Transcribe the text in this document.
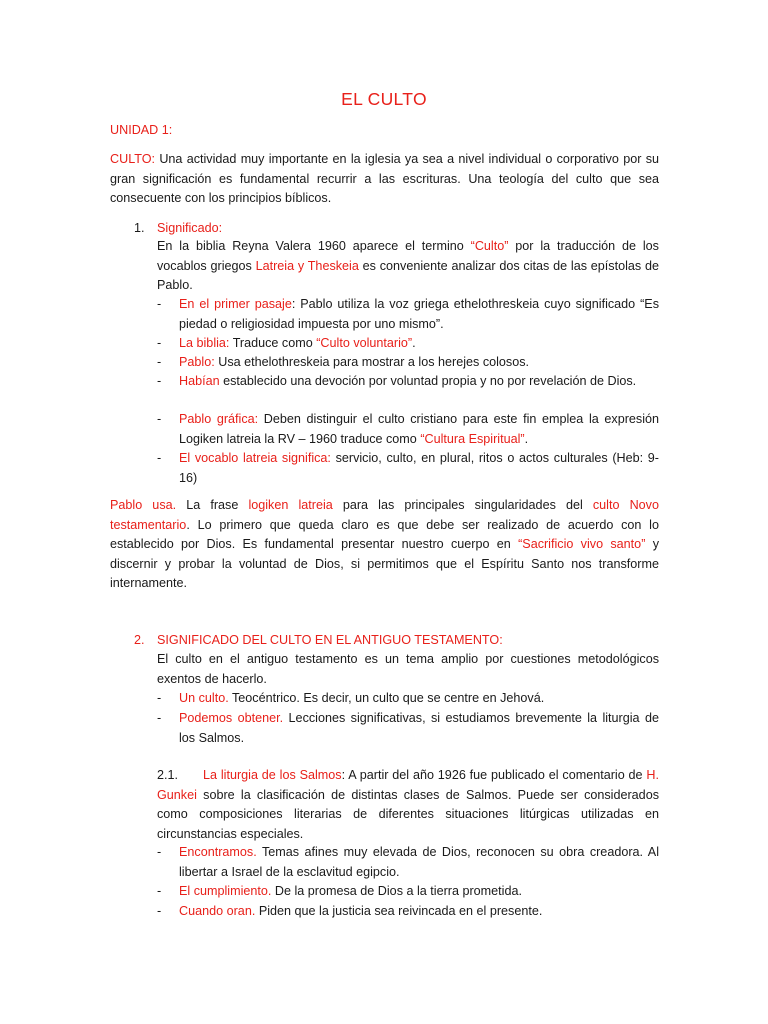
EL CULTO
UNIDAD 1:
CULTO: Una actividad muy importante en la iglesia ya sea a nivel individual o corporativo por su gran significación es fundamental recurrir a las escrituras. Una teología del culto que sea consecuente con los principios bíblicos.
1. Significado:
En la biblia Reyna Valera 1960 aparece el termino “Culto” por la traducción de los vocablos griegos Latreia y Theskeia es conveniente analizar dos citas de las epístolas de Pablo.
- En el primer pasaje: Pablo utiliza la voz griega ethelothreskeia cuyo significado “Es piedad o religiosidad impuesta por uno mismo”.
- La biblia: Traduce como “Culto voluntario”.
- Pablo: Usa ethelothreskeia para mostrar a los herejes colosos.
- Habían establecido una devoción por voluntad propia y no por revelación de Dios.
- Pablo gráfica: Deben distinguir el culto cristiano para este fin emplea la expresión Logiken latreia la RV – 1960 traduce como “Cultura Espiritual”.
- El vocablo latreia significa: servicio, culto, en plural, ritos o actos culturales (Heb: 9-16)
Pablo usa. La frase logiken latreia para las principales singularidades del culto Novo testamentario. Lo primero que queda claro es que debe ser realizado de acuerdo con lo establecido por Dios. Es fundamental presentar nuestro cuerpo en “Sacrificio vivo santo” y discernir y probar la voluntad de Dios, si permitimos que el Espíritu Santo nos transforme internamente.
2. SIGNIFICADO DEL CULTO EN EL ANTIGUO TESTAMENTO:
El culto en el antiguo testamento es un tema amplio por cuestiones metodológicos exentos de hacerlo.
- Un culto. Teocéntrico. Es decir, un culto que se centre en Jehová.
- Podemos obtener. Lecciones significativas, si estudiamos brevemente la liturgia de los Salmos.
2.1.	La liturgia de los Salmos: A partir del año 1926 fue publicado el comentario de H. Gunkei sobre la clasificación de distintas clases de Salmos. Puede ser considerados como composiciones literarias de diferentes situaciones litúrgicas utilizadas en circunstancias especiales.
- Encontramos. Temas afines muy elevada de Dios, reconocen su obra creadora. Al libertar a Israel de la esclavitud egipcio.
- El cumplimiento. De la promesa de Dios a la tierra prometida.
- Cuando oran. Piden que la justicia sea reivincada en el presente.
